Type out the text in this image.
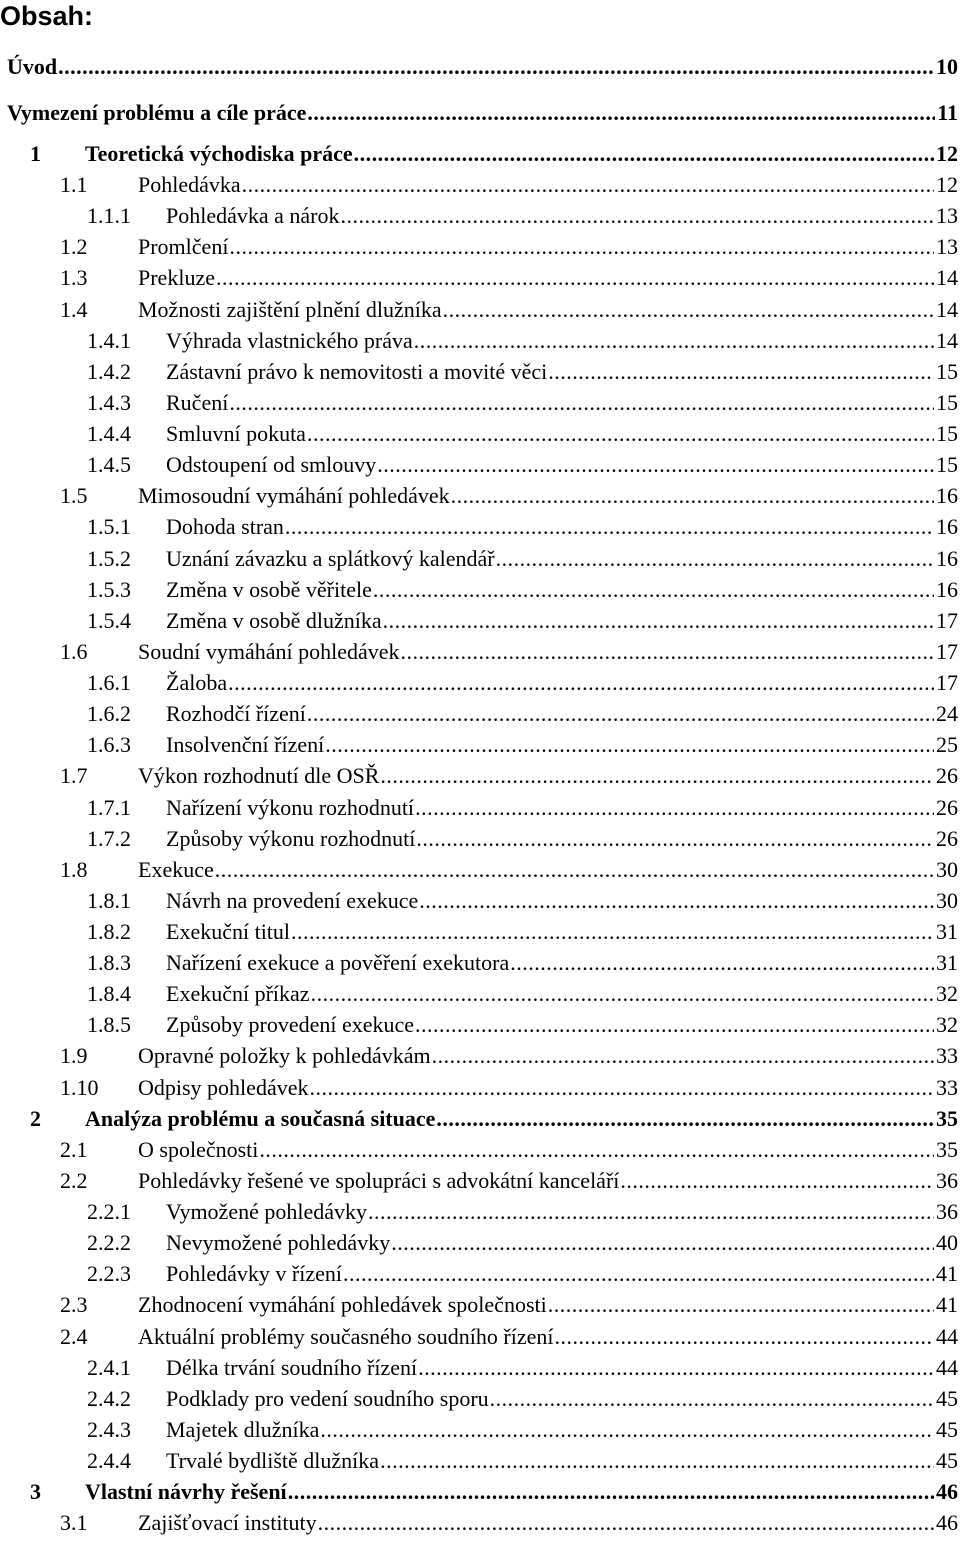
Obsah:
Úvod .....	10
Vymezení problému a cíle práce .....	11
1 Teoretická východiska práce .....	12
1.1 Pohledávka .....	12
1.1.1 Pohledávka a nárok .....	13
1.2 Promlčení .....	13
1.3 Prekluze .....	14
1.4 Možnosti zajištění plnění dlužníka .....	14
1.4.1 Výhrada vlastnického práva .....	14
1.4.2 Zástavní právo k nemovitosti a movité věci .....	15
1.4.3 Ručení .....	15
1.4.4 Smluvní pokuta .....	15
1.4.5 Odstoupení od smlouvy .....	15
1.5 Mimosoudní vymáhání pohledávek .....	16
1.5.1 Dohoda stran .....	16
1.5.2 Uznání závazku a splátkový kalendář .....	16
1.5.3 Změna v osobě věřitele .....	16
1.5.4 Změna v osobě dlužníka .....	17
1.6 Soudní vymáhání pohledávek .....	17
1.6.1 Žaloba .....	17
1.6.2 Rozhodčí řízení .....	24
1.6.3 Insolvenční řízení .....	25
1.7 Výkon rozhodnutí dle OSŘ .....	26
1.7.1 Nařízení výkonu rozhodnutí .....	26
1.7.2 Způsoby výkonu rozhodnutí .....	26
1.8 Exekuce .....	30
1.8.1 Návrh na provedení exekuce .....	30
1.8.2 Exekuční titul .....	31
1.8.3 Nařízení exekuce a pověření exekutora .....	31
1.8.4 Exekuční příkaz .....	32
1.8.5 Způsoby provedení exekuce .....	32
1.9 Opravné položky k pohledávkám .....	33
1.10 Odpisy pohledávek .....	33
2 Analýza problému a současná situace .....	35
2.1 O společnosti .....	35
2.2 Pohledávky řešené ve spolupráci s advokátní kanceláří .....	36
2.2.1 Vymožené pohledávky .....	36
2.2.2 Nevymožené pohledávky .....	40
2.2.3 Pohledávky v řízení .....	41
2.3 Zhodnocení vymáhání pohledávek společnosti .....	41
2.4 Aktuální problémy současného soudního řízení .....	44
2.4.1 Délka trvání soudního řízení .....	44
2.4.2 Podklady pro vedení soudního sporu .....	45
2.4.3 Majetek dlužníka .....	45
2.4.4 Trvalé bydliště dlužníka .....	45
3 Vlastní návrhy řešení .....	46
3.1 Zajišťovací instituty .....	46
